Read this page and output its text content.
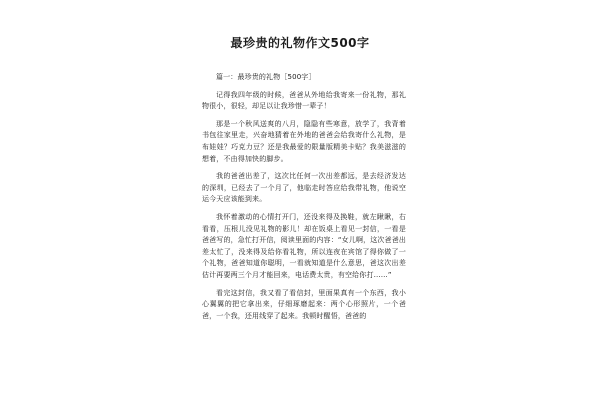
最珍贵的礼物作文500字

篇一：最珍贵的礼物［500字］

记得我四年级的时候，爸爸从外地给我寄来一份礼物，那礼物很小，很轻，却足以让我珍惜一辈子！

那是一个秋风送爽的八月，隐隐有些寒意，放学了，我背着书包往家里走，兴奋地猜着在外地的爸爸会给我寄什么礼物，是布娃娃？巧克力豆？还是我最爱的限量版精美卡贴？我美滋滋的想着，不由得加快的脚步。

我的爸爸出差了，这次比任何一次出差都远，是去经济发达的深圳，已经去了一个月了，他临走时答应给我带礼物，他说空运今天应该能到来。

我怀着激动的心情打开门，还没来得及换鞋，就左瞅瞅，右看看，压根儿没见礼物的影儿！却在饭桌上看见一封信，一看是爸爸写的，急忙打开信，阅读里面的内容：“女儿啊，这次爸爸出差太忙了，没来得及给你看礼物，所以连夜在宾馆了得你做了一个礼物，爸爸知道你聪明，一看就知道是什么意思，爸这次出差估计再要两三个月才能回来，电话费太贵，有空给你打……”

看完这封信，我又看了看信封，里面果真有一个东西，我小心翼翼的把它拿出来，仔细琢磨起来：两个心形照片，一个爸爸，一个我，还用线穿了起来。我顿时醒悟，爸爸的
